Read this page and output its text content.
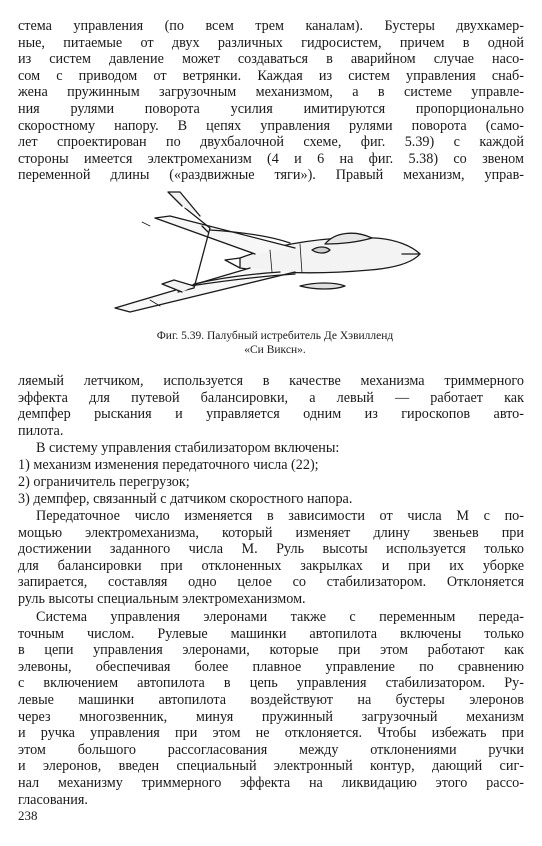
стема управления (по всем трем каналам). Бустеры двухкамер-
ные, питаемые от двух различных гидросистем, причем в одной
из систем давление может создаваться в аварийном случае насо-
сом с приводом от ветрянки. Каждая из систем управления снаб-
жена пружинным загрузочным механизмом, а в системе управле-
ния рулями поворота усилия имитируются пропорционально
скоростному напору. В цепях управления рулями поворота (само-
лет спроектирован по двухбалочной схеме, фиг. 5.39) с каждой
стороны имеется электромеханизм (4 и 6 на фиг. 5.38) со звеном
переменной длины («раздвижные тяги»). Правый механизм, управ-
Фиг. 5.39. Палубный истребитель Де Хэвилленд
«Си Виксн».
ляемый летчиком, используется в качестве механизма триммерного
эффекта для путевой балансировки, а левый — работает как
демпфер рыскания и управляется одним из гироскопов авто-
пилота.
В систему управления стабилизатором включены:
1) механизм изменения передаточного числа (22);
2) ограничитель перегрузок;
3) демпфер, связанный с датчиком скоростного напора.
Передаточное число изменяется в зависимости от числа М с по-
мощью электромеханизма, который изменяет длину звеньев при
достижении заданного числа М. Руль высоты используется только
для балансировки при отклоненных закрылках и при их уборке
запирается, составляя одно целое со стабилизатором. Отклоняется
руль высоты специальным электромеханизмом.
Система управления элеронами также с переменным переда-
точным числом. Рулевые машинки автопилота включены только
в цепи управления элеронами, которые при этом работают как
элевоны, обеспечивая более плавное управление по сравнению
с включением автопилота в цепь управления стабилизатором. Ру-
левые машинки автопилота воздействуют на бустеры элеронов
через многозвенник, минуя пружинный загрузочный механизм
и ручка управления при этом не отклоняется. Чтобы избежать при
этом большого рассогласования между отклонениями ручки
и элеронов, введен специальный электронный контур, дающий сиг-
нал механизму триммерного эффекта на ликвидацию этого рассо-
гласования.
238
